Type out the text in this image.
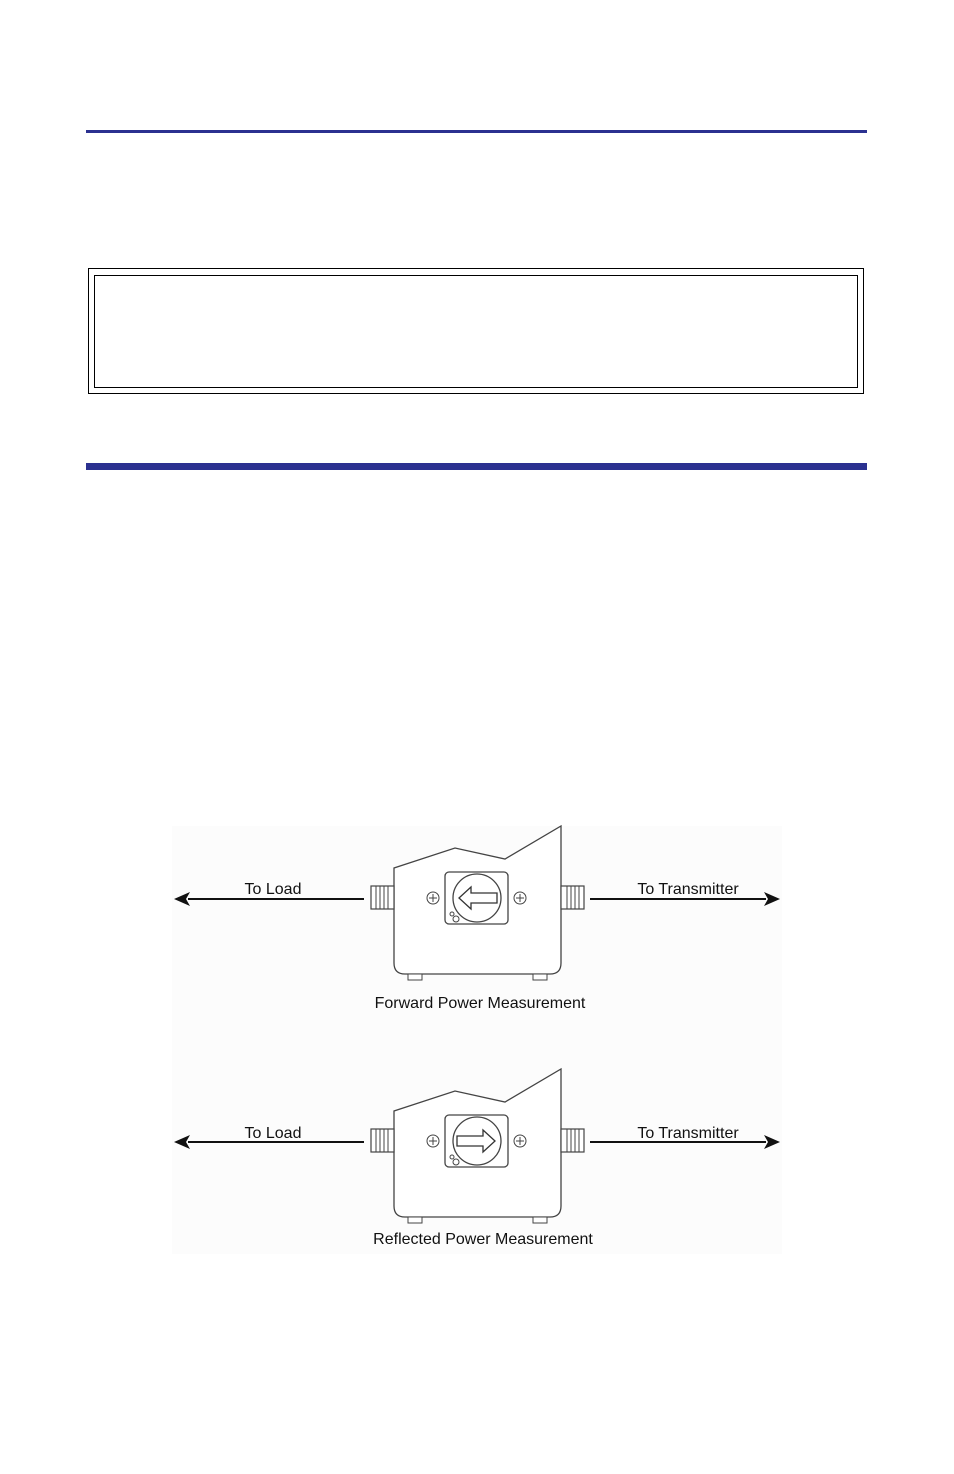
To Load	To Transmitter
Forward Power Measurement
To Load	To Transmitter
Reflected Power Measurement
